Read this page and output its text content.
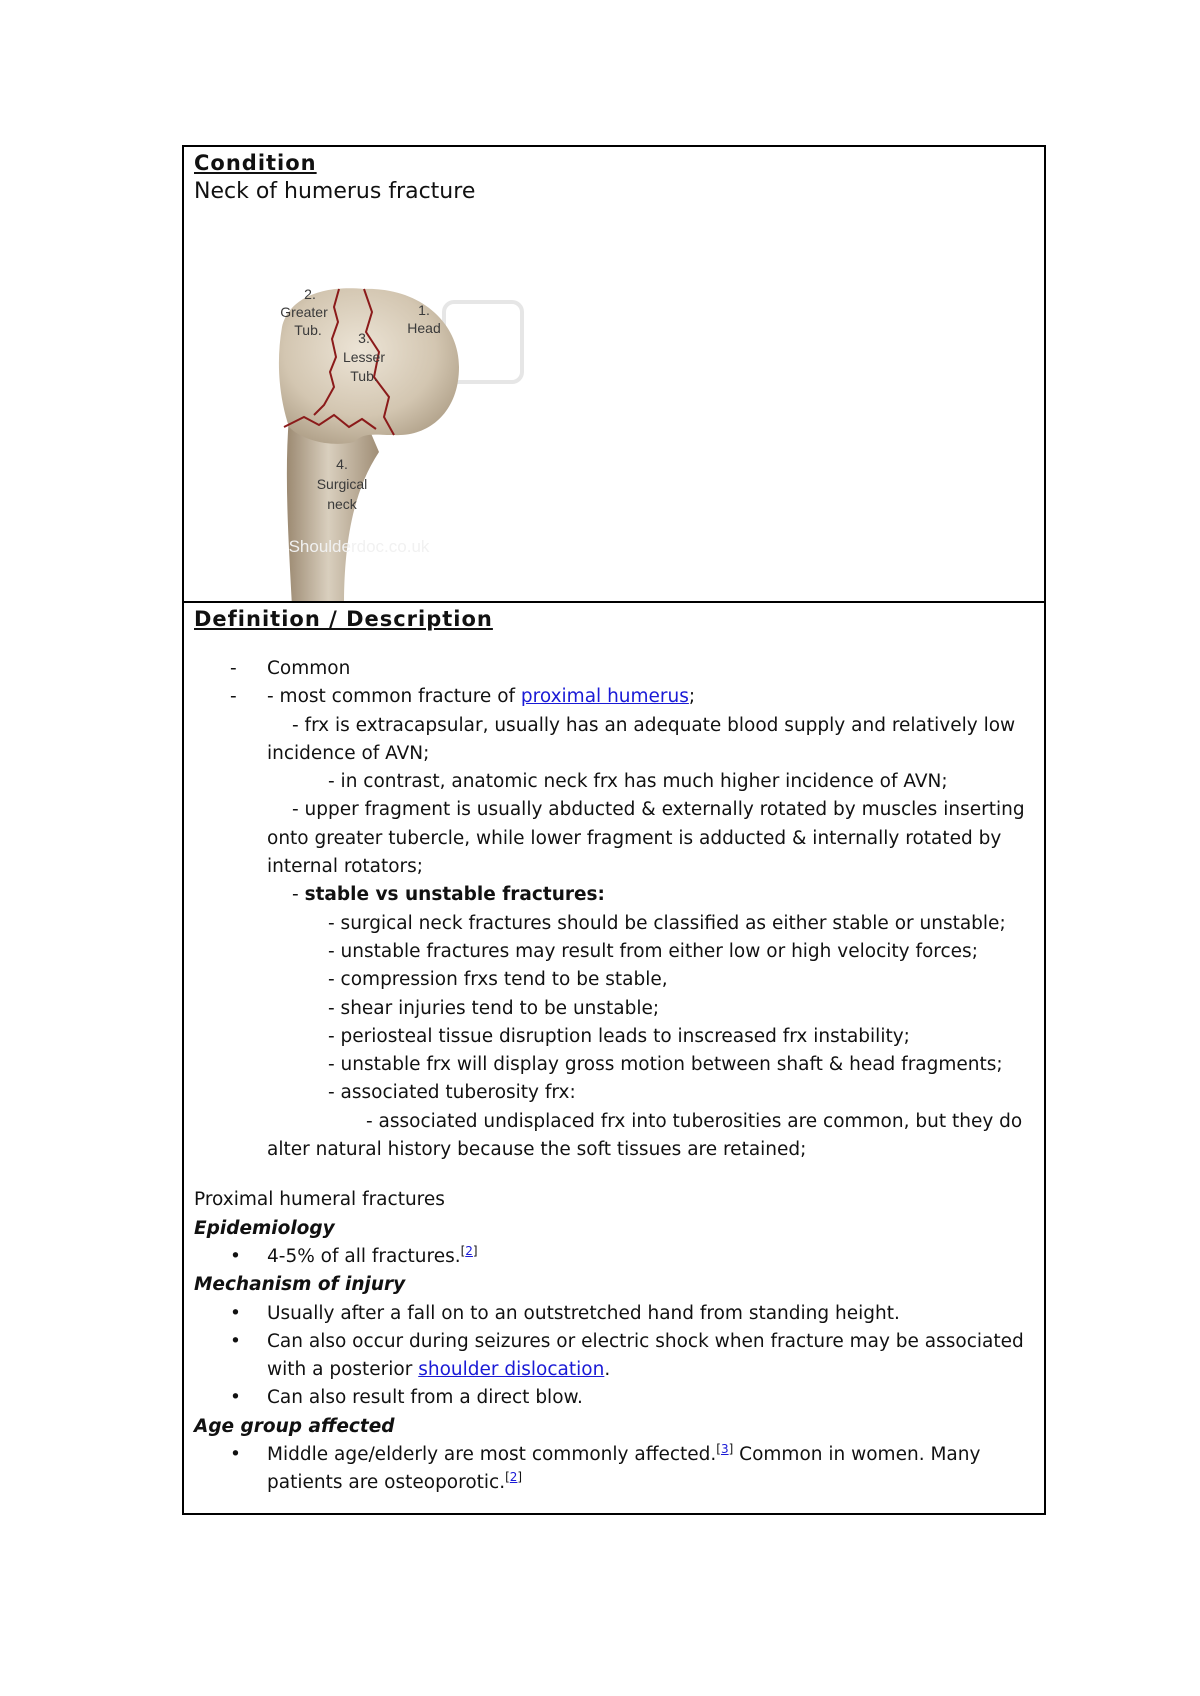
Condition
Neck of humerus fracture
1.
Head
2.
Greater
Tub.	3.
Lesser
Tub.
4.
Surgical
neck
Shoulderdoc.co.uk
Definition / Description
- Common
- - most common fracture of proximal humerus;
- frx is extracapsular, usually has an adequate blood supply and relatively low
incidence of AVN;
- in contrast, anatomic neck frx has much higher incidence of AVN;
- upper fragment is usually abducted & externally rotated by muscles inserting
onto greater tubercle, while lower fragment is adducted & internally rotated by
internal rotators;
- stable vs unstable fractures:
- surgical neck fractures should be classified as either stable or unstable;
- unstable fractures may result from either low or high velocity forces;
- compression frxs tend to be stable,
- shear injuries tend to be unstable;
- periosteal tissue disruption leads to inscreased frx instability;
- unstable frx will display gross motion between shaft & head fragments;
- associated tuberosity frx:
- associated undisplaced frx into tuberosities are common, but they do
alter natural history because the soft tissues are retained;
Proximal humeral fractures
Epidemiology
• 4-5% of all fractures.[2]
Mechanism of injury
• Usually after a fall on to an outstretched hand from standing height.
• Can also occur during seizures or electric shock when fracture may be associated
with a posterior shoulder dislocation.
• Can also result from a direct blow.
Age group affected
• Middle age/elderly are most commonly affected.[3] Common in women. Many
patients are osteoporotic.[2]
